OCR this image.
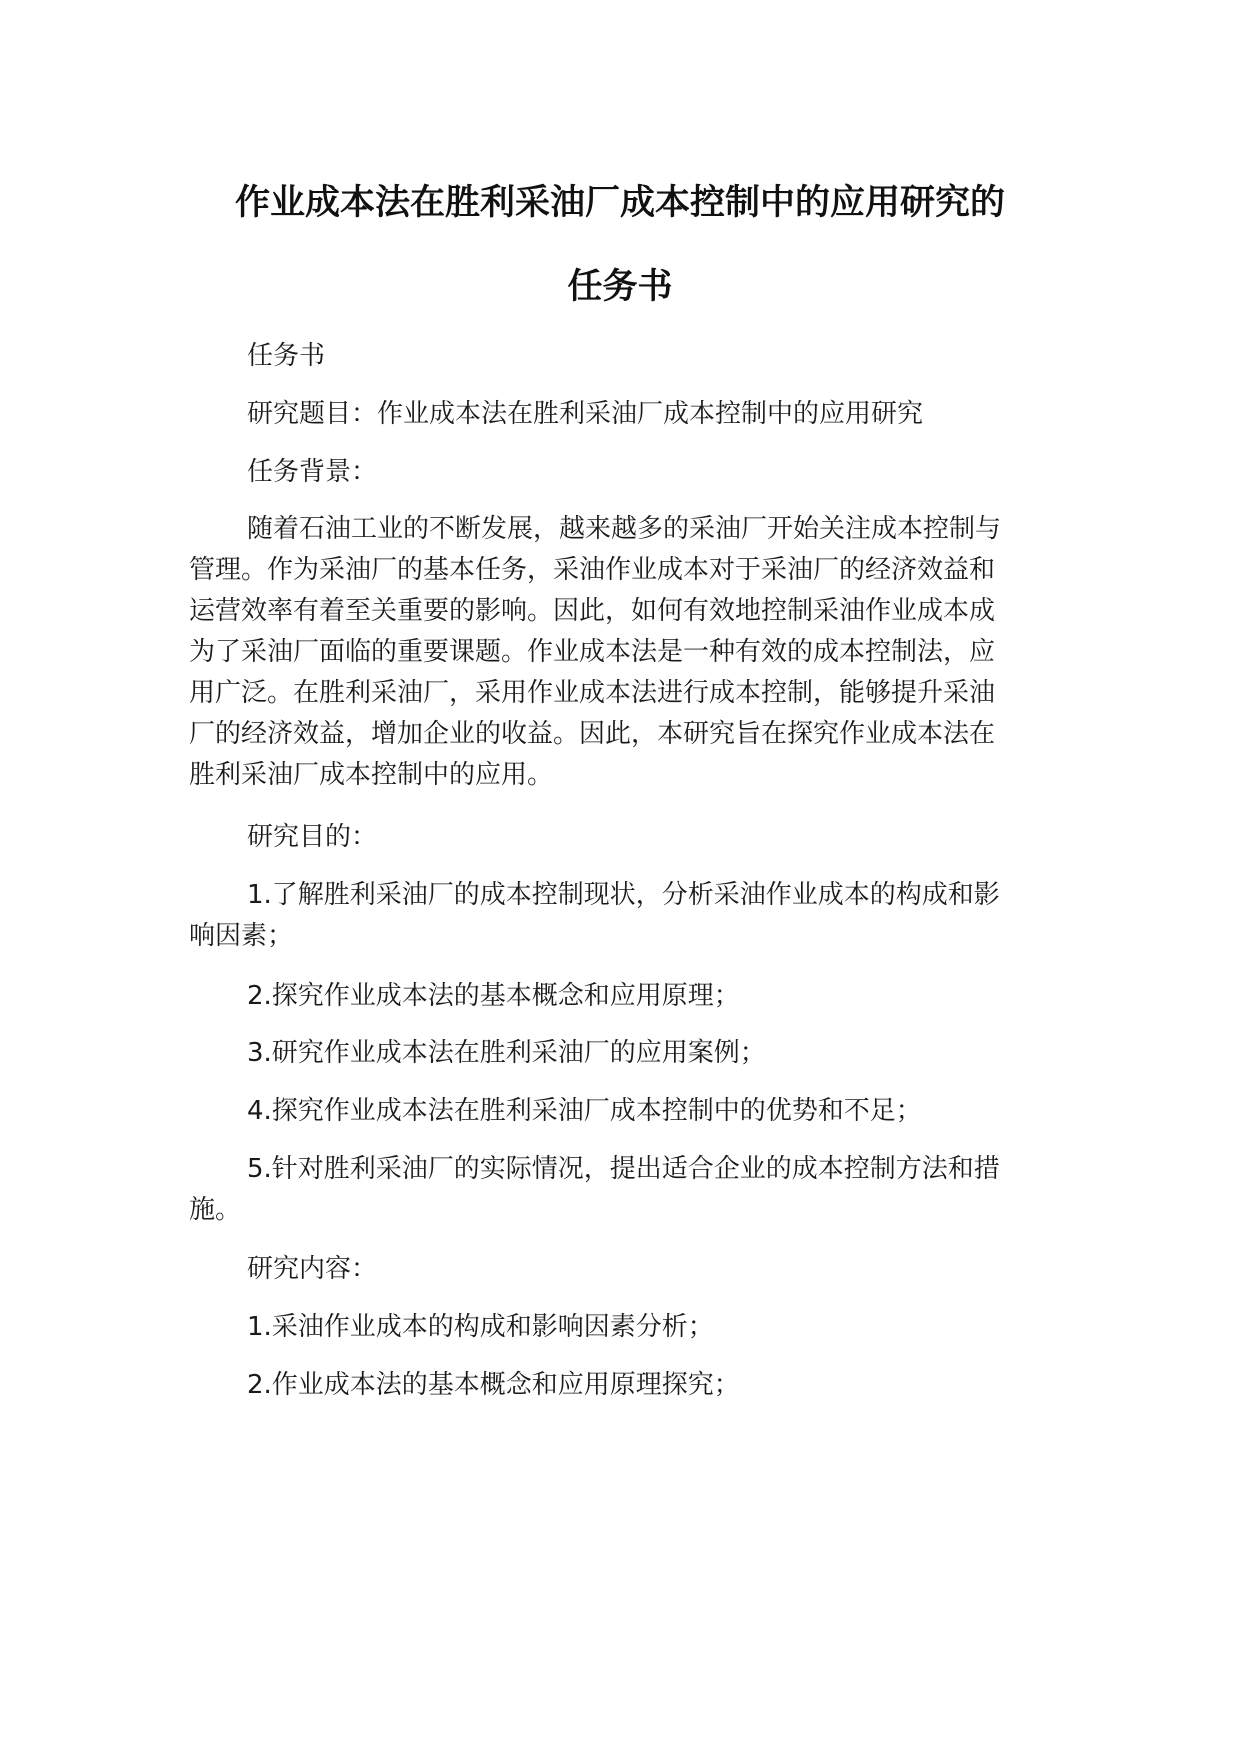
作业成本法在胜利采油厂成本控制中的应用研究的
任务书
任务书
研究题目：作业成本法在胜利采油厂成本控制中的应用研究
任务背景：
随着石油工业的不断发展，越来越多的采油厂开始关注成本控制与
管理。作为采油厂的基本任务，采油作业成本对于采油厂的经济效益和
运营效率有着至关重要的影响。因此，如何有效地控制采油作业成本成
为了采油厂面临的重要课题。作业成本法是一种有效的成本控制法，应
用广泛。在胜利采油厂，采用作业成本法进行成本控制，能够提升采油
厂的经济效益，增加企业的收益。因此，本研究旨在探究作业成本法在
胜利采油厂成本控制中的应用。
研究目的：
1.了解胜利采油厂的成本控制现状，分析采油作业成本的构成和影
响因素；
2.探究作业成本法的基本概念和应用原理；
3.研究作业成本法在胜利采油厂的应用案例；
4.探究作业成本法在胜利采油厂成本控制中的优势和不足；
5.针对胜利采油厂的实际情况，提出适合企业的成本控制方法和措
施。
研究内容：
1.采油作业成本的构成和影响因素分析；
2.作业成本法的基本概念和应用原理探究；
